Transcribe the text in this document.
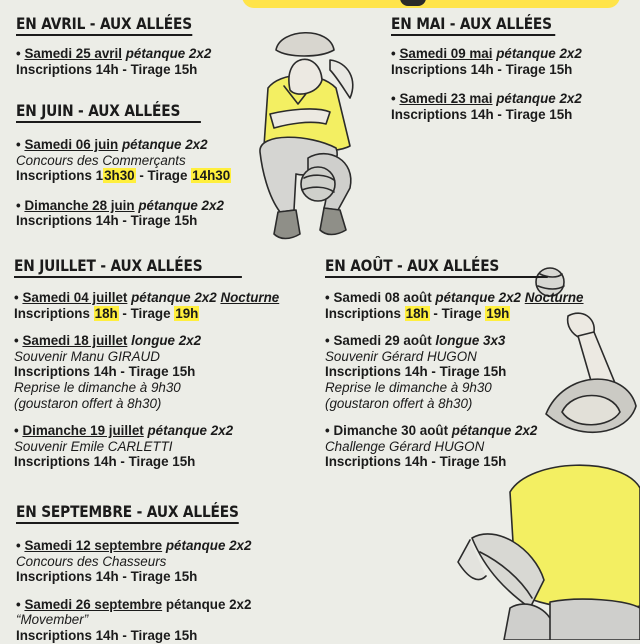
EN AVRIL - AUX ALLÉES
• Samedi 25 avril pétanque 2x2
Inscriptions 14h - Tirage 15h
EN MAI - AUX ALLÉES
• Samedi 09 mai pétanque 2x2
Inscriptions 14h - Tirage 15h
• Samedi 23 mai pétanque 2x2
Inscriptions 14h - Tirage 15h
EN JUIN - AUX ALLÉES
• Samedi 06 juin pétanque 2x2
Concours des Commerçants
Inscriptions 13h30 - Tirage 14h30
• Dimanche 28 juin pétanque 2x2
Inscriptions 14h - Tirage 15h
EN JUILLET - AUX ALLÉES
• Samedi 04 juillet pétanque 2x2 Nocturne
Inscriptions 18h - Tirage 19h
• Samedi 18 juillet longue 2x2
Souvenir Manu GIRAUD
Inscriptions 14h - Tirage 15h
Reprise le dimanche à 9h30
(goustaron offert à 8h30)
• Dimanche 19 juillet pétanque 2x2
Souvenir Emile CARLETTI
Inscriptions 14h - Tirage 15h
EN AOÛT - AUX ALLÉES
• Samedi 08 août pétanque 2x2 Nocturne
Inscriptions 18h - Tirage 19h
• Samedi 29 août longue 3x3
Souvenir Gérard HUGON
Inscriptions 14h - Tirage 15h
Reprise le dimanche à 9h30
(goustaron offert à 8h30)
• Dimanche 30 août pétanque 2x2
Challenge Gérard HUGON
Inscriptions 14h - Tirage 15h
EN SEPTEMBRE - AUX ALLÉES
• Samedi 12 septembre pétanque 2x2
Concours des Chasseurs
Inscriptions 14h - Tirage 15h
• Samedi 26 septembre pétanque 2x2
“Movember”
Inscriptions 14h - Tirage 15h
